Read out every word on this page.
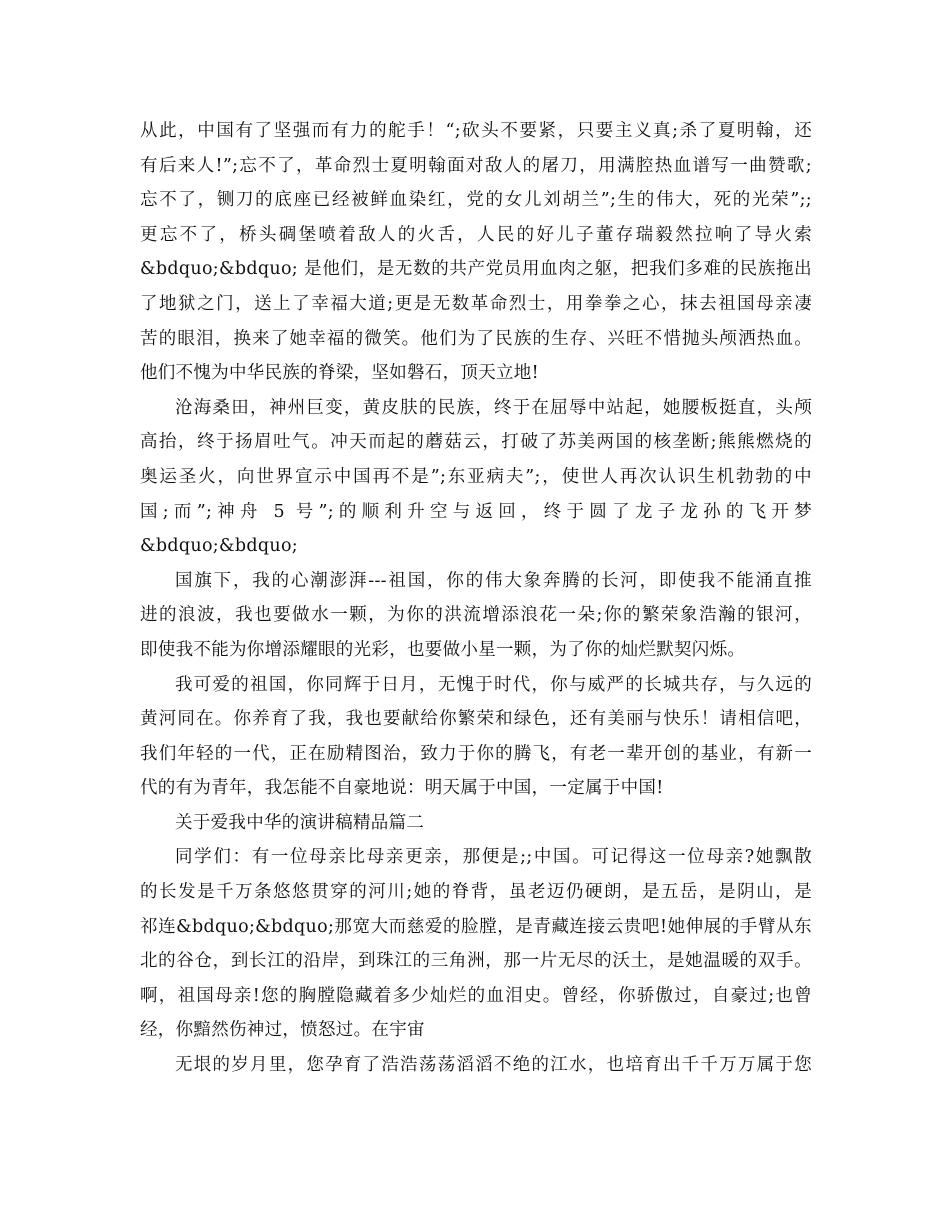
从此，中国有了坚强而有力的舵手！“;砍头不要紧，只要主义真;杀了夏明翰，还
有后来人!”;忘不了，革命烈士夏明翰面对敌人的屠刀，用满腔热血谱写一曲赞歌;
忘不了，铡刀的底座已经被鲜血染红，党的女儿刘胡兰”;生的伟大，死的光荣”;;
更忘不了，桥头碉堡喷着敌人的火舌，人民的好儿子董存瑞毅然拉响了导火索
&bdquo;&bdquo; 是他们，是无数的共产党员用血肉之躯，把我们多难的民族拖出
了地狱之门，送上了幸福大道;更是无数革命烈士，用拳拳之心，抹去祖国母亲凄
苦的眼泪，换来了她幸福的微笑。他们为了民族的生存、兴旺不惜抛头颅洒热血。
他们不愧为中华民族的脊梁，坚如磐石，顶天立地!
沧海桑田，神州巨变，黄皮肤的民族，终于在屈辱中站起，她腰板挺直，头颅
高抬，终于扬眉吐气。冲天而起的蘑菇云，打破了苏美两国的核垄断;熊熊燃烧的
奥运圣火，向世界宣示中国再不是”;东亚病夫”;，使世人再次认识生机勃勃的中
国;而”;神舟 5 号”;的顺利升空与返回，终于圆了龙子龙孙的飞开梦
&bdquo;&bdquo;
国旗下，我的心潮澎湃---祖国，你的伟大象奔腾的长河，即使我不能涌直推
进的浪波，我也要做水一颗，为你的洪流增添浪花一朵;你的繁荣象浩瀚的银河，
即使我不能为你增添耀眼的光彩，也要做小星一颗，为了你的灿烂默契闪烁。
我可爱的祖国，你同辉于日月，无愧于时代，你与威严的长城共存，与久远的
黄河同在。你养育了我，我也要献给你繁荣和绿色，还有美丽与快乐！请相信吧，
我们年轻的一代，正在励精图治，致力于你的腾飞，有老一辈开创的基业，有新一
代的有为青年，我怎能不自豪地说：明天属于中国，一定属于中国!
关于爱我中华的演讲稿精品篇二
同学们：有一位母亲比母亲更亲，那便是;;中国。可记得这一位母亲?她飘散
的长发是千万条悠悠贯穿的河川;她的脊背，虽老迈仍硬朗，是五岳，是阴山，是
祁连&bdquo;&bdquo;那宽大而慈爱的脸膛，是青藏连接云贵吧!她伸展的手臂从东
北的谷仓，到长江的沿岸，到珠江的三角洲，那一片无尽的沃土，是她温暖的双手。
啊，祖国母亲!您的胸膛隐藏着多少灿烂的血泪史。曾经，你骄傲过，自豪过;也曾
经，你黯然伤神过，愤怒过。在宇宙
无垠的岁月里，您孕育了浩浩荡荡滔滔不绝的江水，也培育出千千万万属于您
